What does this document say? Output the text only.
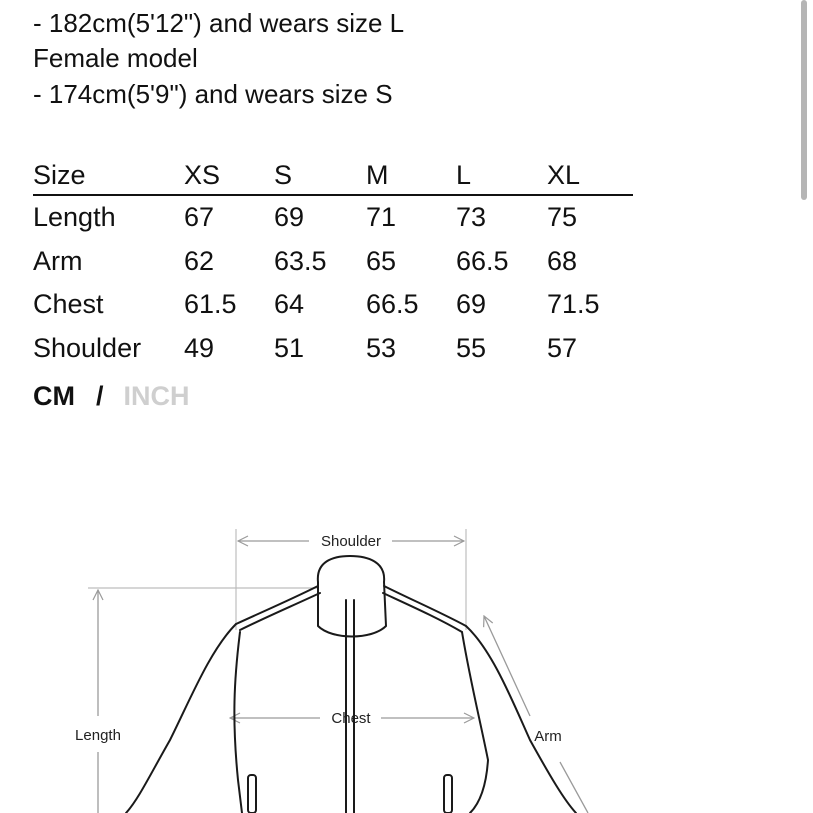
- 182cm(5'12") and wears size L
Female model
- 174cm(5'9") and wears size S
Size	XS	S	M	L	XL
Length	67	69	71	73	75
Arm	62	63.5	65	66.5	68
Chest	61.5	64	66.5	69	71.5
Shoulder	49	51	53	55	57
CM / INCH
Shoulder
Chest
Length	Arm
